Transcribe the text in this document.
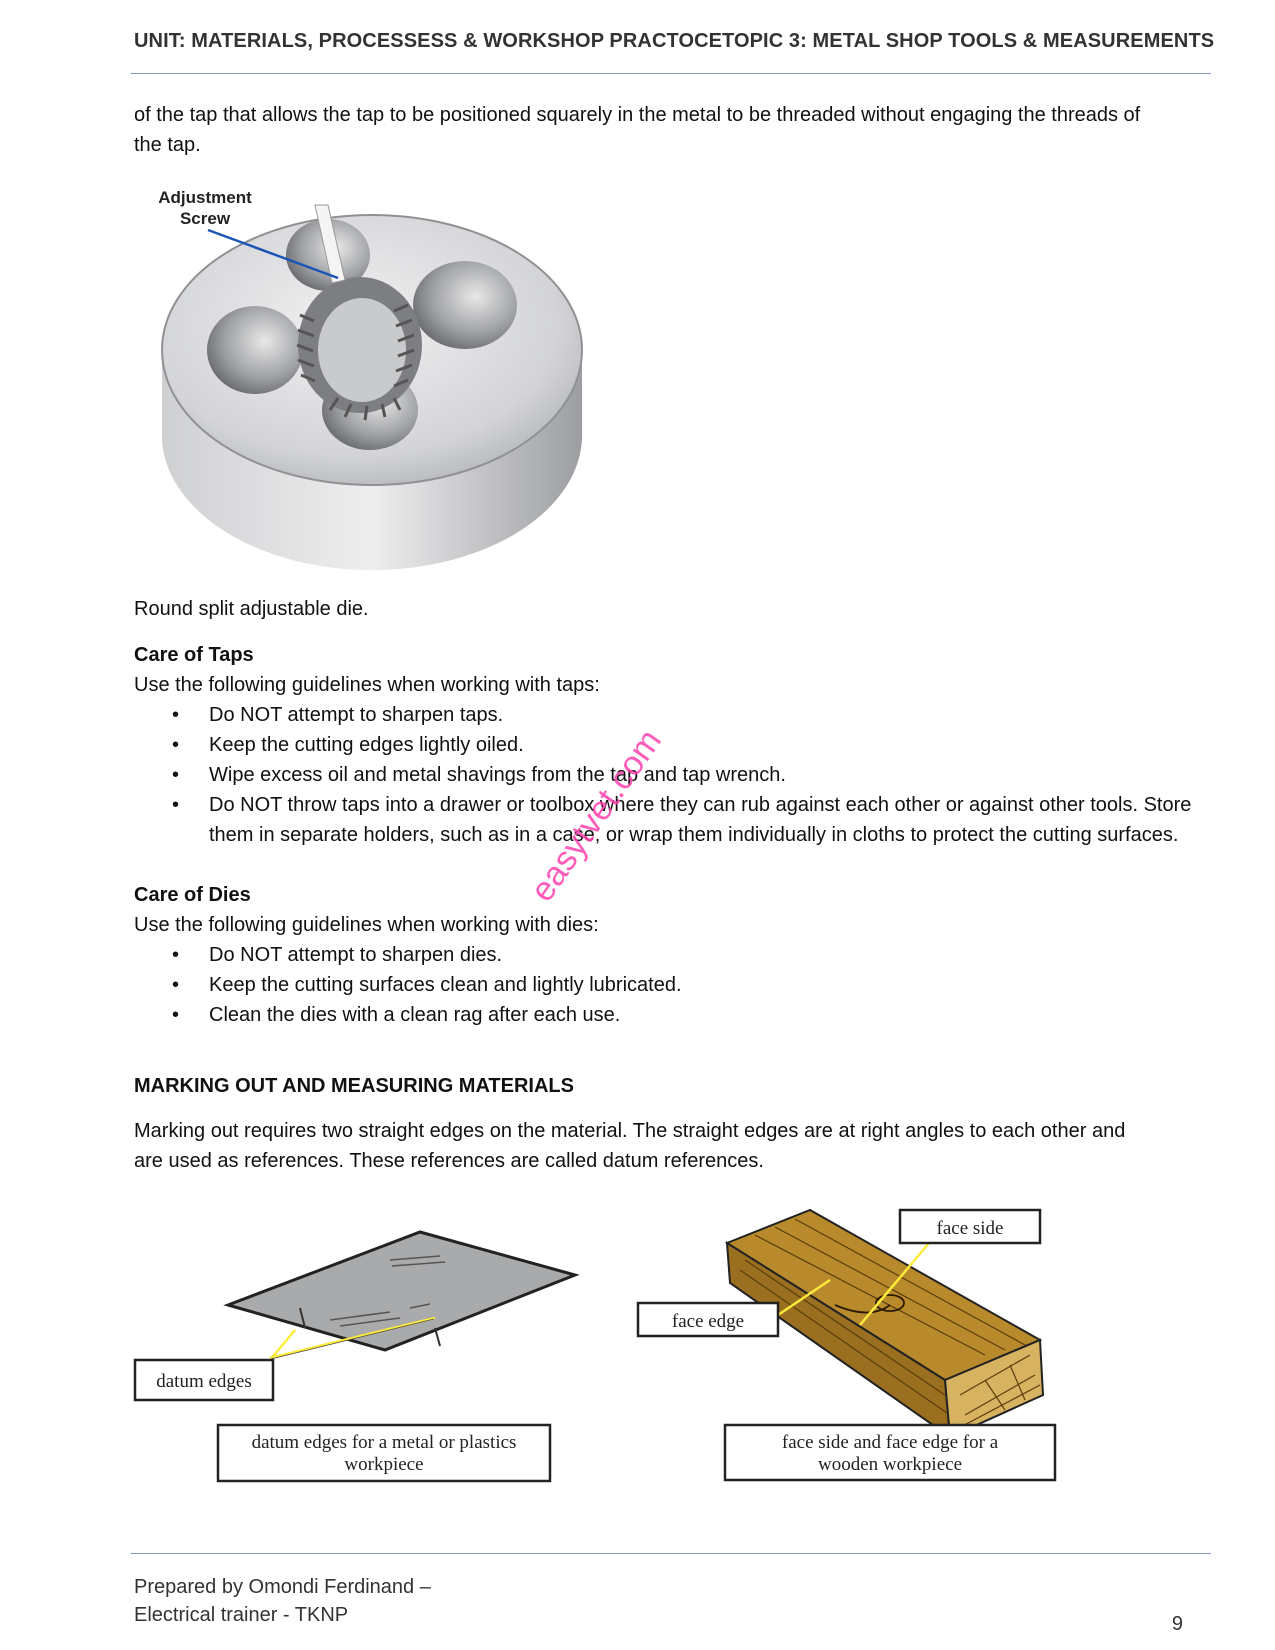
UNIT: MATERIALS, PROCESSESS & WORKSHOP PRACTOCE TOPIC 3: METAL SHOP TOOLS & MEASUREMENTS
of the tap that allows the tap to be positioned squarely in the metal to be threaded without engaging the threads of
the tap.
Adjustment
Screw
Round split adjustable die.
Care of Taps
Use the following guidelines when working with taps:
• Do NOT attempt to sharpen taps.
• Keep the cutting edges lightly oiled.
• Wipe excess oil and metal shavings from the tap and tap wrench.
• Do NOT throw taps into a drawer or toolbox where they can rub against each other or against other tools. Store them in separate holders, such as in a case, or wrap them individually in cloths to protect the cutting surfaces.
Care of Dies
Use the following guidelines when working with dies:
• Do NOT attempt to sharpen dies.
• Keep the cutting surfaces clean and lightly lubricated.
• Clean the dies with a clean rag after each use.
MARKING OUT AND MEASURING MATERIALS
Marking out requires two straight edges on the material. The straight edges are at right angles to each other and
are used as references. These references are called datum references.
datum edges
datum edges for a metal or plastics
workpiece
face side
face edge
face side and face edge for a
wooden workpiece
easytvet.com
Prepared by Omondi Ferdinand –
Electrical trainer - TKNP	9
